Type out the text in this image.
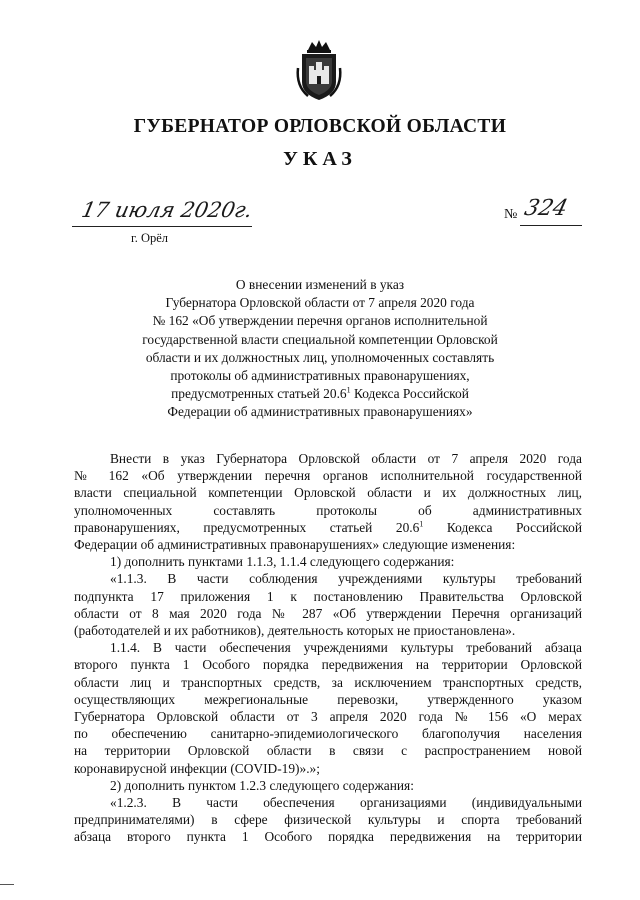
ГУБЕРНАТОР ОРЛОВСКОЙ ОБЛАСТИ
УКАЗ
17 июля 2020г.
г. Орёл
№ 324
О внесении изменений в указ
Губернатора Орловской области от 7 апреля 2020 года
№ 162 «Об утверждении перечня органов исполнительной
государственной власти специальной компетенции Орловской
области и их должностных лиц, уполномоченных составлять
протоколы об административных правонарушениях,
предусмотренных статьей 20.6$^1$ Кодекса Российской
Федерации об административных правонарушениях»
Внести в указ Губернатора Орловской области от 7 апреля 2020 года
№ 162 «Об утверждении перечня органов исполнительной государственной
власти специальной компетенции Орловской области и их должностных лиц,
уполномоченных составлять протоколы об административных
правонарушениях, предусмотренных статьей 20.6$^1$ Кодекса Российской
Федерации об административных правонарушениях» следующие изменения:
1) дополнить пунктами 1.1.3, 1.1.4 следующего содержания:
«1.1.3. В части соблюдения учреждениями культуры требований
подпункта 17 приложения 1 к постановлению Правительства Орловской
области от 8 мая 2020 года № 287 «Об утверждении Перечня организаций
(работодателей и их работников), деятельность которых не приостановлена».
1.1.4. В части обеспечения учреждениями культуры требований абзаца
второго пункта 1 Особого порядка передвижения на территории Орловской
области лиц и транспортных средств, за исключением транспортных средств,
осуществляющих межрегиональные перевозки, утвержденного указом
Губернатора Орловской области от 3 апреля 2020 года № 156 «О мерах
по обеспечению санитарно-эпидемиологического благополучия населения
на территории Орловской области в связи с распространением новой
коронавирусной инфекции (COVID-19)».»;
2) дополнить пунктом 1.2.3 следующего содержания:
«1.2.3. В части обеспечения организациями (индивидуальными
предпринимателями) в сфере физической культуры и спорта требований
абзаца второго пункта 1 Особого порядка передвижения на территории
